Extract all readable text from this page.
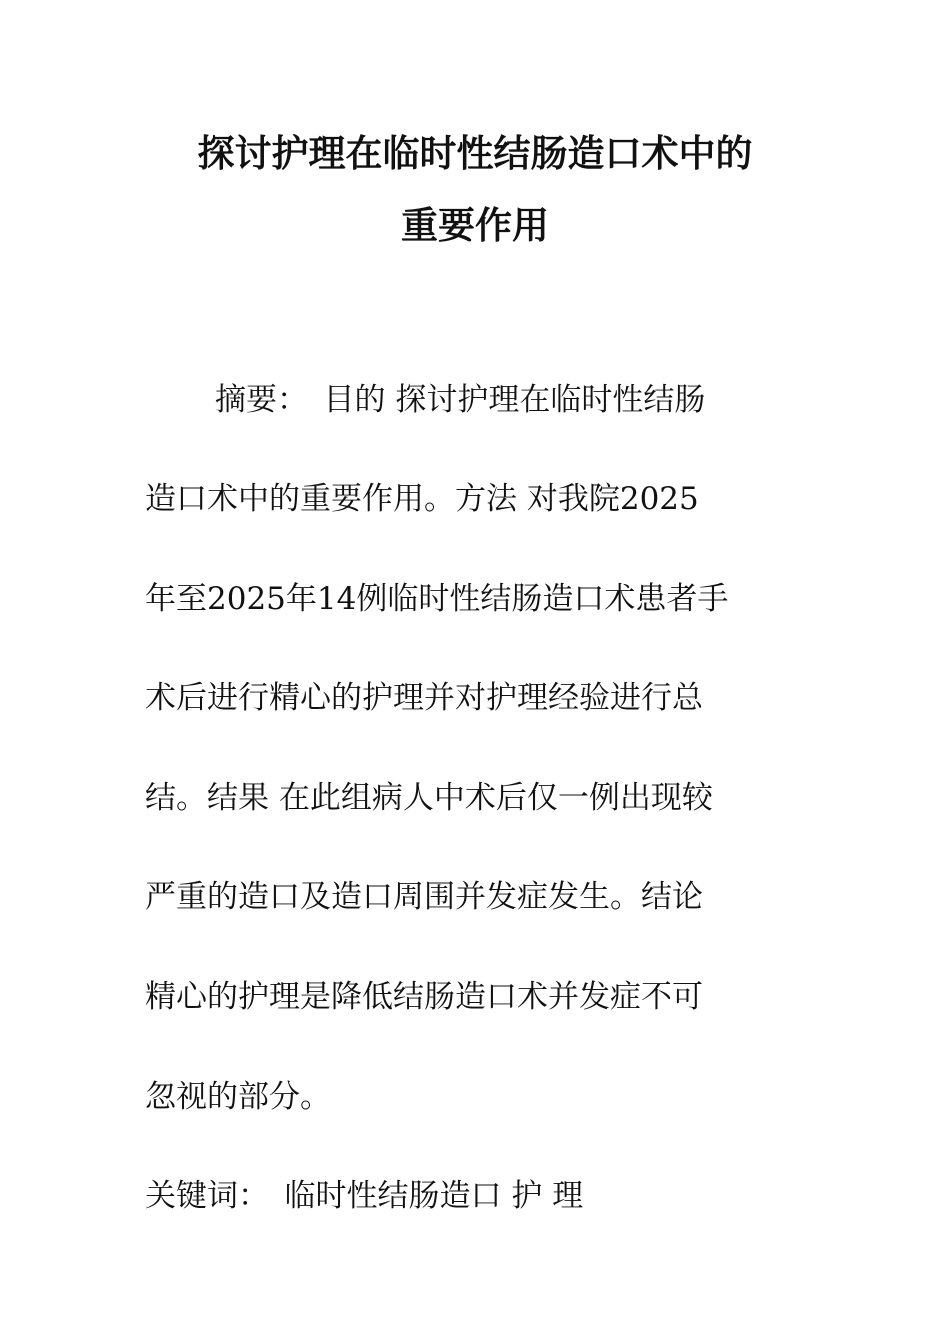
探讨护理在临时性结肠造口术中的
重要作用

摘要：　目的 探讨护理在临时性结肠

造口术中的重要作用。方法 对我院2025

年至2025年14例临时性结肠造口术患者手

术后进行精心的护理并对护理经验进行总

结。结果 在此组病人中术后仅一例出现较

严重的造口及造口周围并发症发生。结论

精心的护理是降低结肠造口术并发症不可

忽视的部分。

关键词：　临时性结肠造口 护 理
